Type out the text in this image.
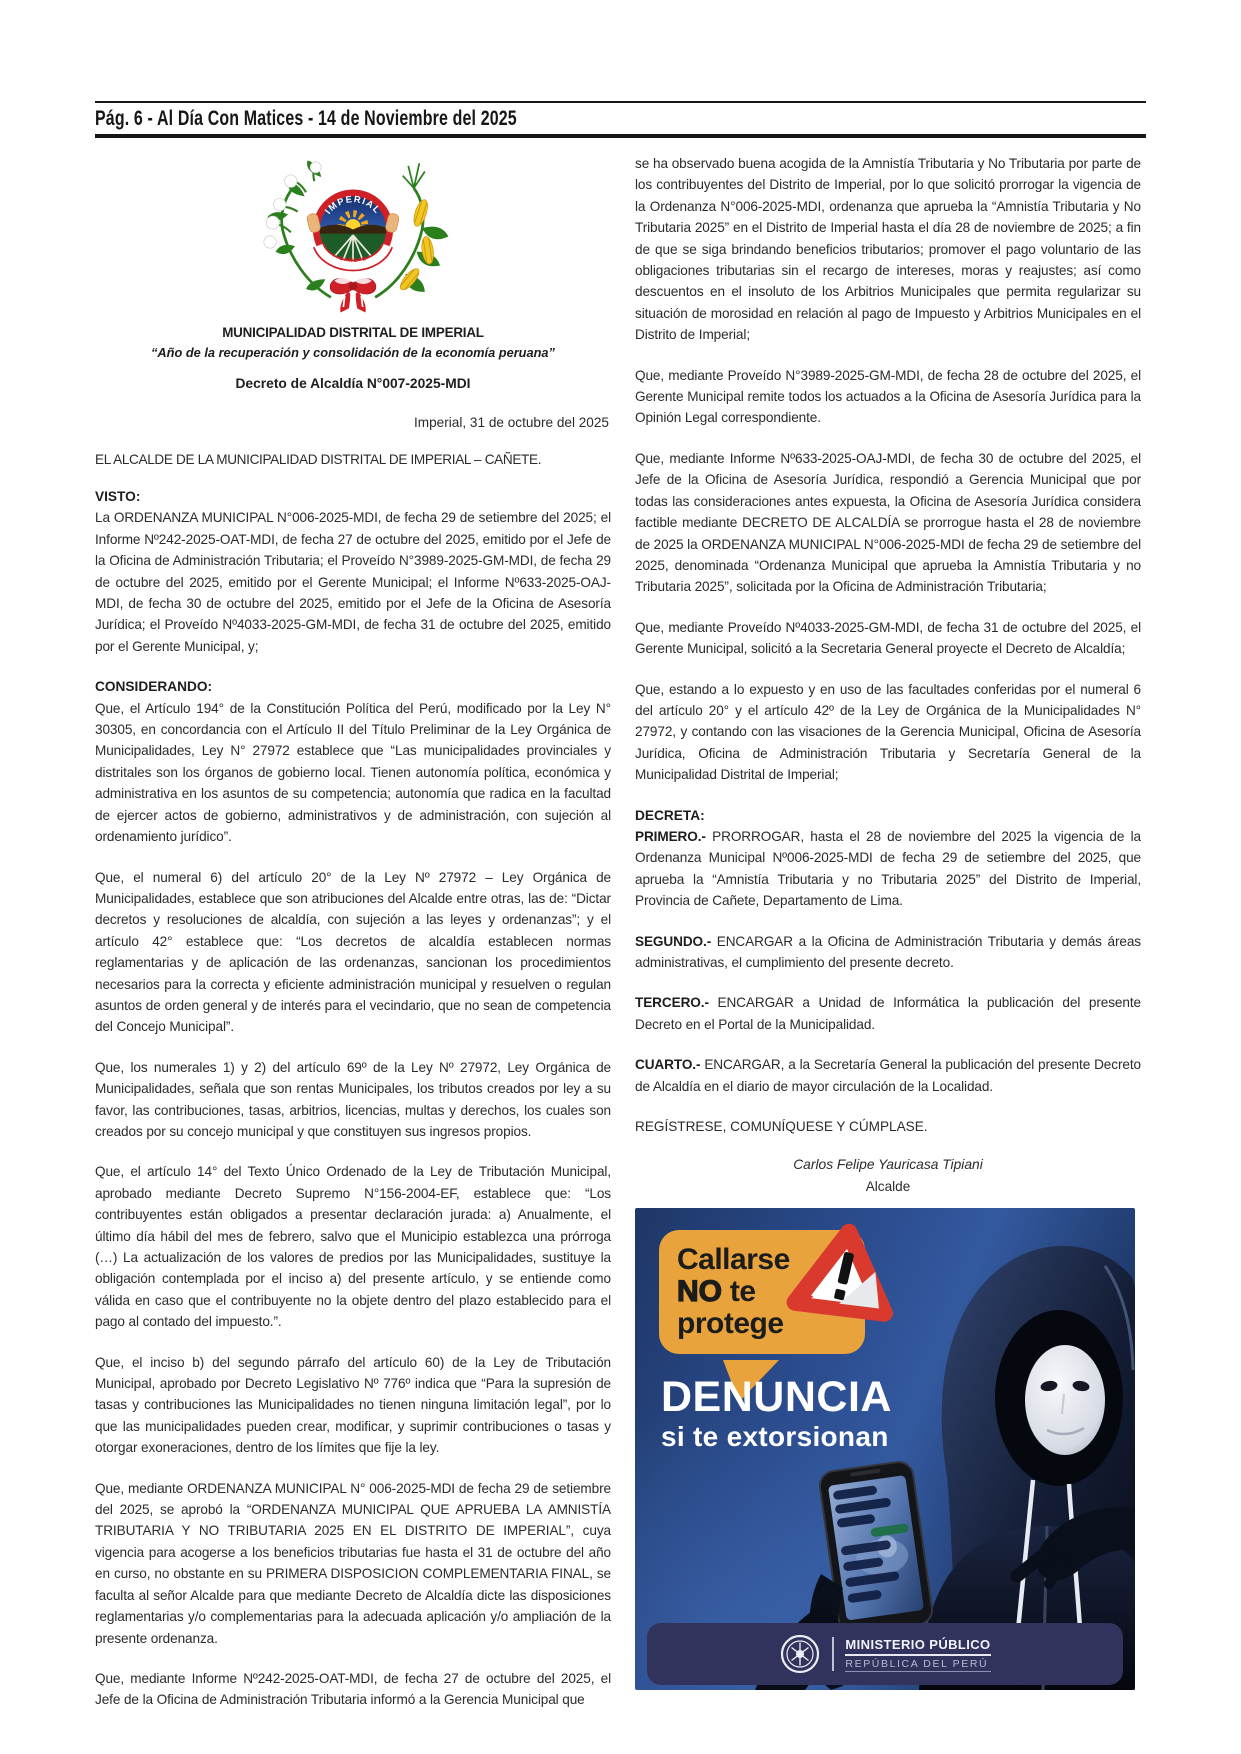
Pág. 6 - Al Día Con Matices - 14 de Noviembre del 2025
IMPERIAL
CAÑETE
MUNICIPALIDAD DISTRITAL DE IMPERIAL
“Año de la recuperación y consolidación de la economía peruana”
Decreto de Alcaldía N°007-2025-MDI
Imperial, 31 de octubre del 2025
EL ALCALDE DE LA MUNICIPALIDAD DISTRITAL DE IMPERIAL – CAÑETE.
VISTO:

La ORDENANZA MUNICIPAL N°006-2025-MDI, de fecha 29 de setiembre del 2025; el Informe Nº242-2025-OAT-MDI, de fecha 27 de octubre del 2025, emitido por el Jefe de la Oficina de Administración Tributaria; el Proveído N°3989-2025-GM-MDI, de fecha 29 de octubre del 2025, emitido por el Gerente Municipal; el Informe Nº633-2025-OAJ-MDI, de fecha 30 de octubre del 2025, emitido por el Jefe de la Oficina de Asesoría Jurídica; el Proveído Nº4033-2025-GM-MDI, de fecha 31 de octubre del 2025, emitido por el Gerente Municipal, y;

CONSIDERANDO:

Que, el Artículo 194° de la Constitución Política del Perú, modificado por la Ley N° 30305, en concordancia con el Artículo II del Título Preliminar de la Ley Orgánica de Municipalidades, Ley N° 27972 establece que “Las municipalidades provinciales y distritales son los órganos de gobierno local. Tienen autonomía política, económica y administrativa en los asuntos de su competencia; autonomía que radica en la facultad de ejercer actos de gobierno, administrativos y de administración, con sujeción al ordenamiento jurídico”.

Que, el numeral 6) del artículo 20° de la Ley Nº 27972 – Ley Orgánica de Municipalidades, establece que son atribuciones del Alcalde entre otras, las de: “Dictar decretos y resoluciones de alcaldía, con sujeción a las leyes y ordenanzas”; y el artículo 42° establece que: “Los decretos de alcaldía establecen normas reglamentarias y de aplicación de las ordenanzas, sancionan los procedimientos necesarios para la correcta y eficiente administración municipal y resuelven o regulan asuntos de orden general y de interés para el vecindario, que no sean de competencia del Concejo Municipal”.

Que, los numerales 1) y 2) del artículo 69º de la Ley Nº 27972, Ley Orgánica de Municipalidades, señala que son rentas Municipales, los tributos creados por ley a su favor, las contribuciones, tasas, arbitrios, licencias, multas y derechos, los cuales son creados por su concejo municipal y que constituyen sus ingresos propios.

Que, el artículo 14° del Texto Único Ordenado de la Ley de Tributación Municipal, aprobado mediante Decreto Supremo N°156-2004-EF, establece que: “Los contribuyentes están obligados a presentar declaración jurada: a) Anualmente, el último día hábil del mes de febrero, salvo que el Municipio establezca una prórroga (…) La actualización de los valores de predios por las Municipalidades, sustituye la obligación contemplada por el inciso a) del presente artículo, y se entiende como válida en caso que el contribuyente no la objete dentro del plazo establecido para el pago al contado del impuesto.”.

Que, el inciso b) del segundo párrafo del artículo 60) de la Ley de Tributación Municipal, aprobado por Decreto Legislativo Nº 776º indica que “Para la supresión de tasas y contribuciones las Municipalidades no tienen ninguna limitación legal”, por lo que las municipalidades pueden crear, modificar, y suprimir contribuciones o tasas y otorgar exoneraciones, dentro de los límites que fije la ley.

Que, mediante ORDENANZA MUNICIPAL N° 006-2025-MDI de fecha 29 de setiembre del 2025, se aprobó la “ORDENANZA MUNICIPAL QUE APRUEBA LA AMNISTÍA TRIBUTARIA Y NO TRIBUTARIA 2025 EN EL DISTRITO DE IMPERIAL”, cuya vigencia para acogerse a los beneficios tributarias fue hasta el 31 de octubre del año en curso, no obstante en su PRIMERA DISPOSICION COMPLEMENTARIA FINAL, se faculta al señor Alcalde para que mediante Decreto de Alcaldía dicte las disposiciones reglamentarias y/o complementarias para la adecuada aplicación y/o ampliación de la presente ordenanza.

Que, mediante Informe Nº242-2025-OAT-MDI, de fecha 27 de octubre del 2025, el Jefe de la Oficina de Administración Tributaria informó a la Gerencia Municipal que

se ha observado buena acogida de la Amnistía Tributaria y No Tributaria por parte de los contribuyentes del Distrito de Imperial, por lo que solicitó prorrogar la vigencia de la Ordenanza N°006-2025-MDI, ordenanza que aprueba la “Amnistía Tributaria y No Tributaria 2025” en el Distrito de Imperial hasta el día 28 de noviembre de 2025; a fin de que se siga brindando beneficios tributarios; promover el pago voluntario de las obligaciones tributarias sin el recargo de intereses, moras y reajustes; así como descuentos en el insoluto de los Arbitrios Municipales que permita regularizar su situación de morosidad en relación al pago de Impuesto y Arbitrios Municipales en el Distrito de Imperial;

Que, mediante Proveído N°3989-2025-GM-MDI, de fecha 28 de octubre del 2025, el Gerente Municipal remite todos los actuados a la Oficina de Asesoría Jurídica para la Opinión Legal correspondiente.

Que, mediante Informe Nº633-2025-OAJ-MDI, de fecha 30 de octubre del 2025, el Jefe de la Oficina de Asesoría Jurídica, respondió a Gerencia Municipal que por todas las consideraciones antes expuesta, la Oficina de Asesoría Jurídica considera factible mediante DECRETO DE ALCALDÍA se prorrogue hasta el 28 de noviembre de 2025 la ORDENANZA MUNICIPAL N°006-2025-MDI de fecha 29 de setiembre del 2025, denominada “Ordenanza Municipal que aprueba la Amnistía Tributaria y no Tributaria 2025”, solicitada por la Oficina de Administración Tributaria;

Que, mediante Proveído Nº4033-2025-GM-MDI, de fecha 31 de octubre del 2025, el Gerente Municipal, solicitó a la Secretaria General proyecte el Decreto de Alcaldía;

Que, estando a lo expuesto y en uso de las facultades conferidas por el numeral 6 del artículo 20° y el artículo 42º de la Ley de Orgánica de la Municipalidades N° 27972, y contando con las visaciones de la Gerencia Municipal, Oficina de Asesoría Jurídica, Oficina de Administración Tributaria y Secretaría General de la Municipalidad Distrital de Imperial;

DECRETA:

PRIMERO.- PRORROGAR, hasta el 28 de noviembre del 2025 la vigencia de la Ordenanza Municipal Nº006-2025-MDI de fecha 29 de setiembre del 2025, que aprueba la “Amnistía Tributaria y no Tributaria 2025” del Distrito de Imperial, Provincia de Cañete, Departamento de Lima.

SEGUNDO.- ENCARGAR a la Oficina de Administración Tributaria y demás áreas administrativas, el cumplimiento del presente decreto.

TERCERO.- ENCARGAR a Unidad de Informática la publicación del presente Decreto en el Portal de la Municipalidad.

CUARTO.- ENCARGAR, a la Secretaría General la publicación del presente Decreto de Alcaldía en el diario de mayor circulación de la Localidad.

REGÍSTRESE, COMUNÍQUESE Y CÚMPLASE.

Carlos Felipe Yauricasa Tipiani
Alcalde
Callarse
NO te
protege
DENUNCIA
si te extorsionan
MINISTERIO PÚBLICO
REPÚBLICA DEL PERÚ
